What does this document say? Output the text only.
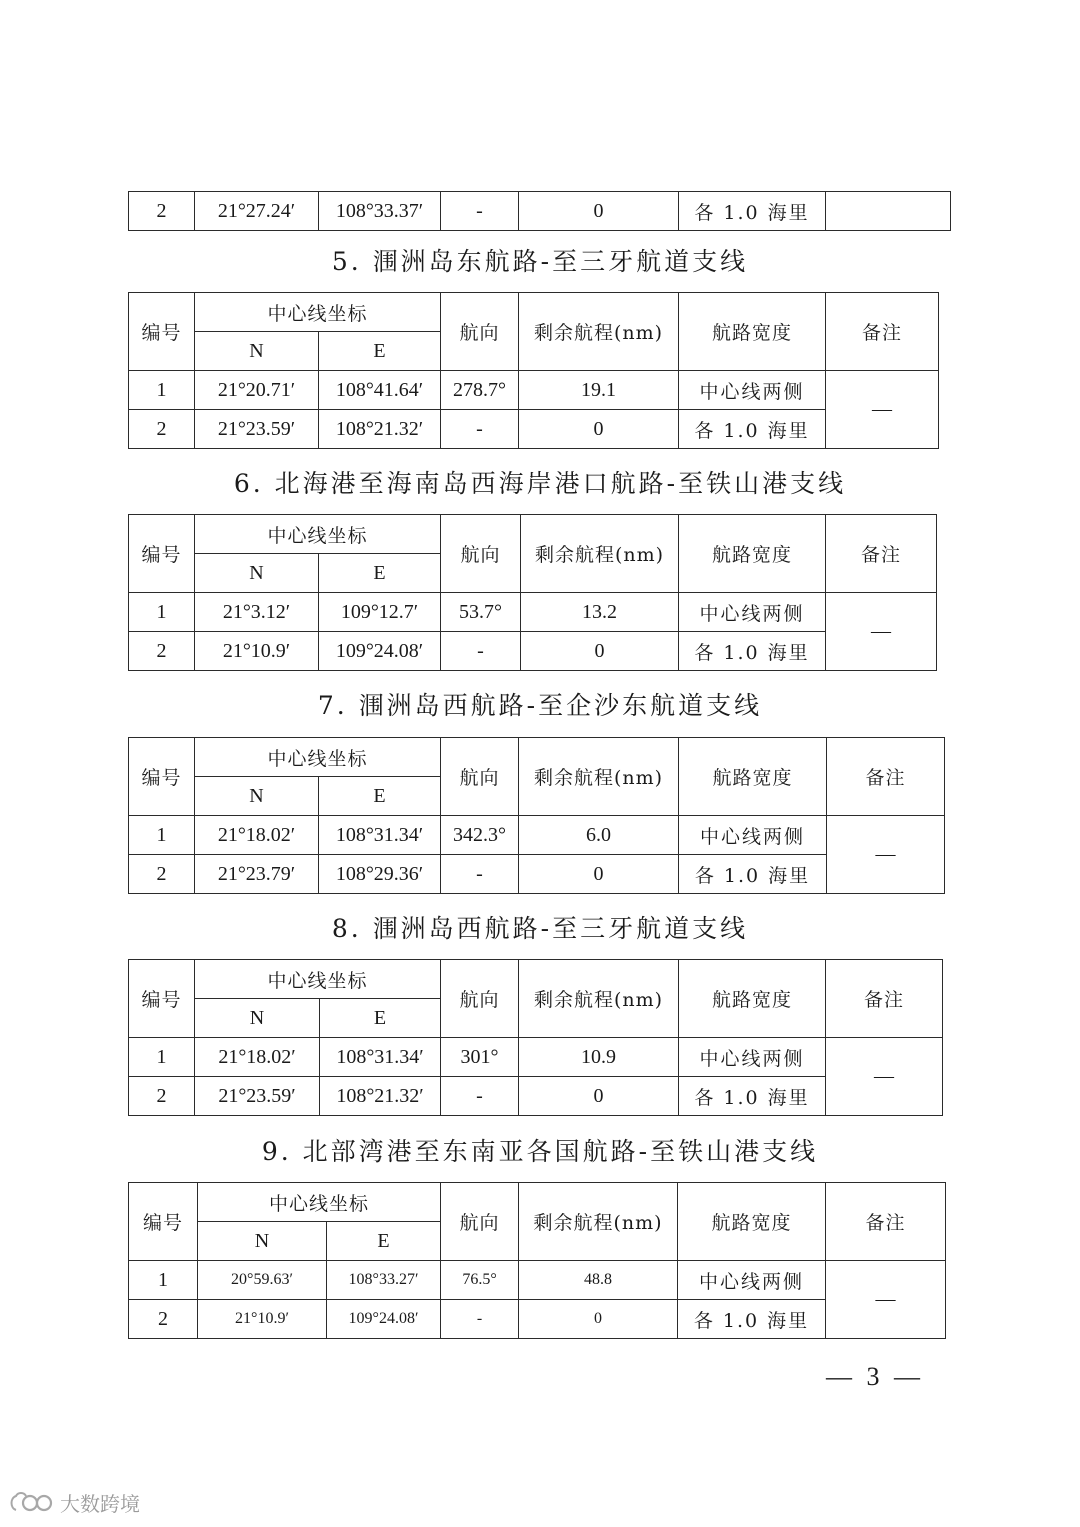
2	21°27.24′	108°33.37′	-	0	各 1.0 海里	
5. 涠洲岛东航路-至三牙航道支线
编号	中心线坐标		航向	剩余航程(nm)	航路宽度	备注
	N	E				
1	21°20.71′	108°41.64′	278.7°	19.1	中心线两侧	—
2	21°23.59′	108°21.32′	-	0	各 1.0 海里	
6. 北海港至海南岛西海岸港口航路-至铁山港支线
编号	中心线坐标		航向	剩余航程(nm)	航路宽度	备注
	N	E				
1	21°3.12′	109°12.7′	53.7°	13.2	中心线两侧	—
2	21°10.9′	109°24.08′	-	0	各 1.0 海里	
7. 涠洲岛西航路-至企沙东航道支线
编号	中心线坐标		航向	剩余航程(nm)	航路宽度	备注
	N	E				
1	21°18.02′	108°31.34′	342.3°	6.0	中心线两侧	—
2	21°23.79′	108°29.36′	-	0	各 1.0 海里	
8. 涠洲岛西航路-至三牙航道支线
编号	中心线坐标		航向	剩余航程(nm)	航路宽度	备注
	N	E				
1	21°18.02′	108°31.34′	301°	10.9	中心线两侧	—
2	21°23.59′	108°21.32′	-	0	各 1.0 海里	
9. 北部湾港至东南亚各国航路-至铁山港支线
编号	中心线坐标		航向	剩余航程(nm)	航路宽度	备注
	N	E				
1	20°59.63′	108°33.27′	76.5°	48.8	中心线两侧	—
2	21°10.9′	109°24.08′	-	0	各 1.0 海里	
— 3 —
大数跨境
